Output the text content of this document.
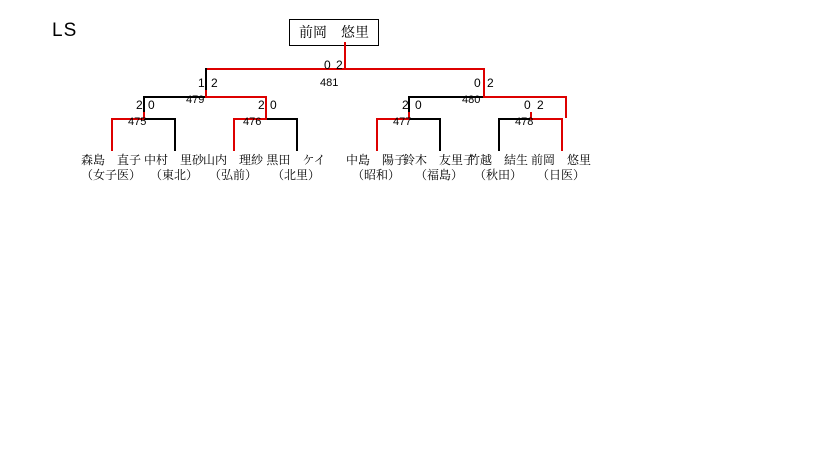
LS	前岡　悠里
0 2
481
1 2
479
0 2
480
2 0
475
2 0
476
2 0
477
0 2
478
森島　直子
（女子医）
中村　里砂
（東北）
山内　理紗
（弘前）
黒田　ケイ
（北里）
中島　陽子
（昭和）
鈴木　友里子
（福島）
竹越　結生
（秋田）
前岡　悠里
（日医）
